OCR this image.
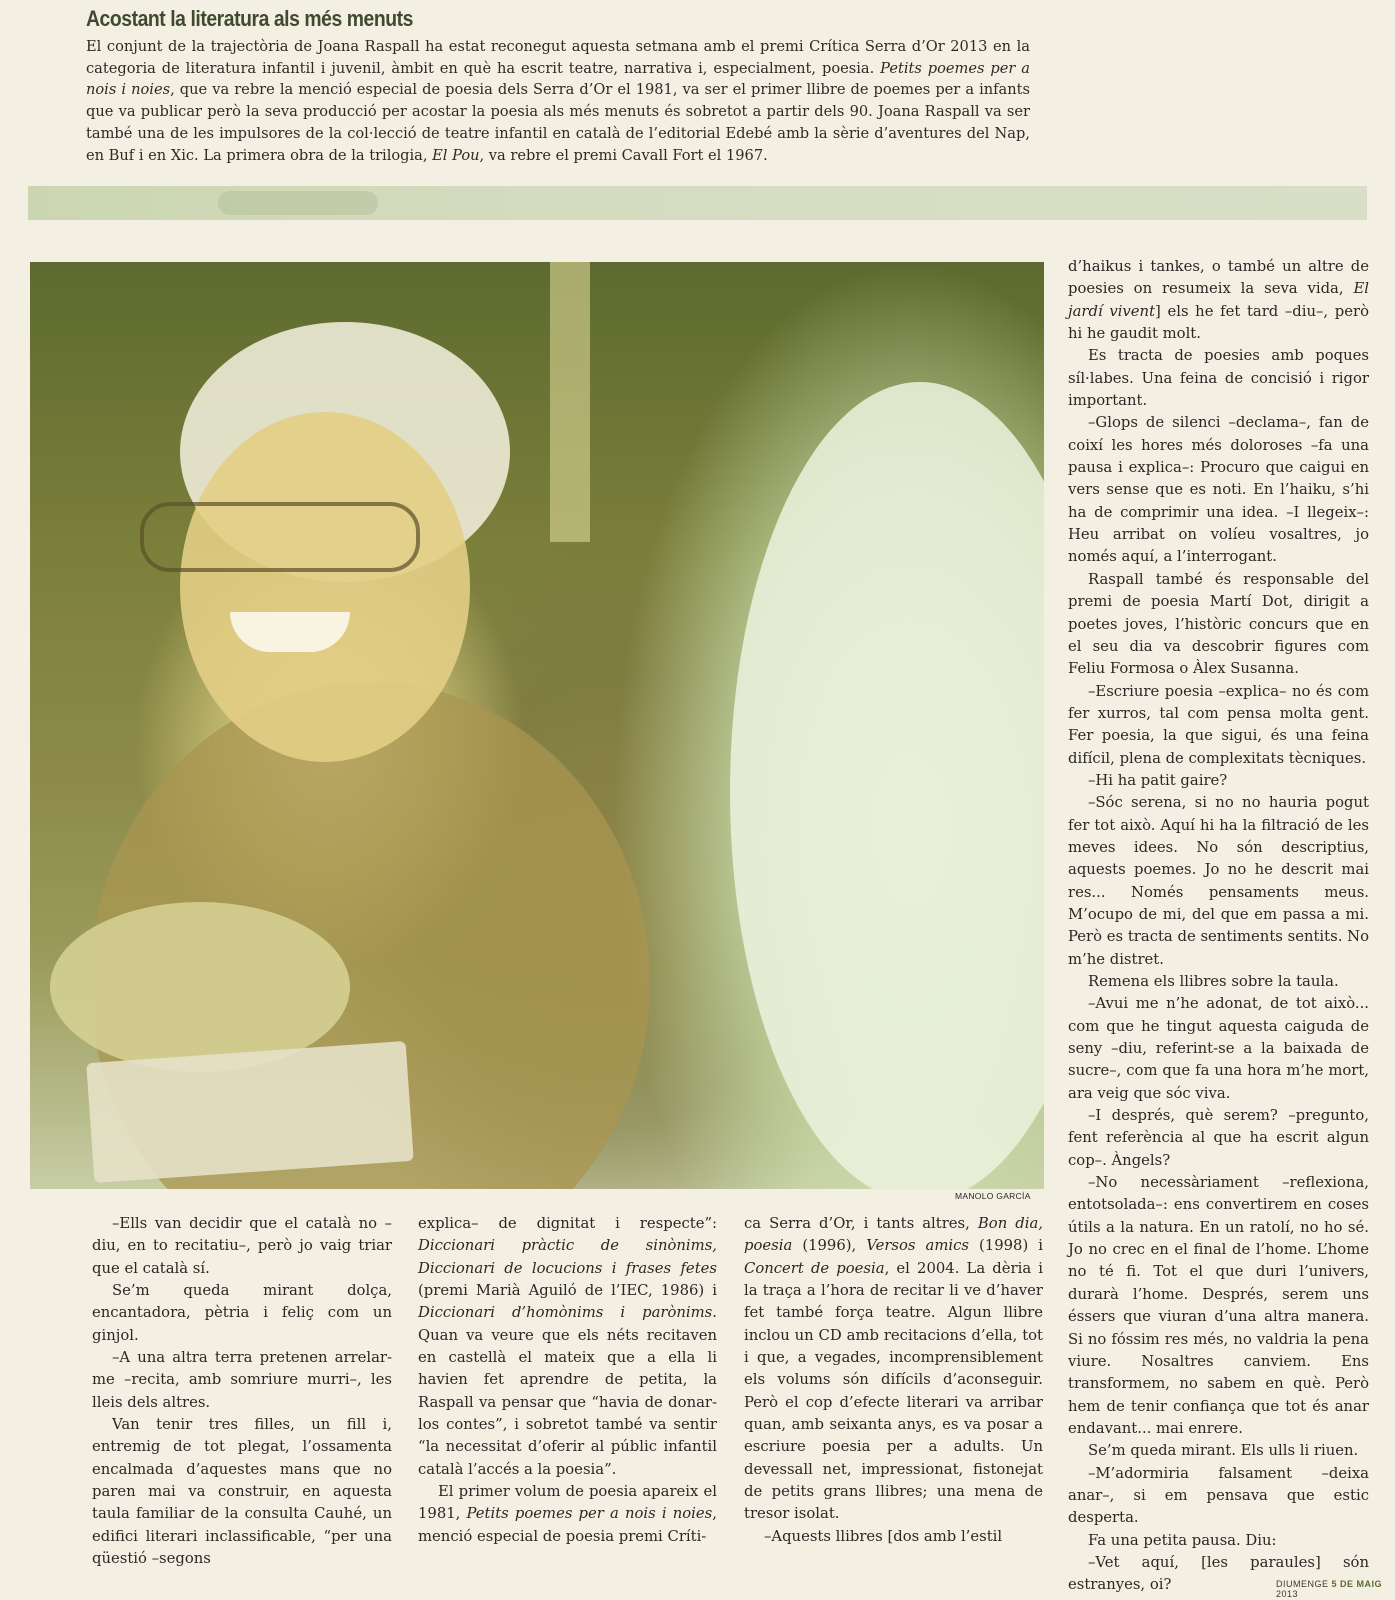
Acostant la literatura als més menuts
El conjunt de la trajectòria de Joana Raspall ha estat reconegut aquesta setmana amb el premi Crítica Serra d’Or 2013 en la categoria de literatura infantil i juvenil, àmbit en què ha escrit teatre, narrativa i, especialment, poesia. Petits poemes per a nois i noies, que va rebre la menció especial de poesia dels Serra d’Or el 1981, va ser el primer llibre de poemes per a infants que va publicar però la seva producció per acostar la poesia als més menuts és sobretot a partir dels 90. Joana Raspall va ser també una de les impulsores de la col·lecció de teatre infantil en català de l’editorial Edebé amb la sèrie d’aventures del Nap, en Buf i en Xic. La primera obra de la trilogia, El Pou, va rebre el premi Cavall Fort el 1967.
MANOLO GARCÍA

–Ells van decidir que el català no –diu, en to recitatiu–, però jo vaig triar que el català sí.

Se’m queda mirant dolça, encantadora, pètria i feliç com un ginjol.

–A una altra terra pretenen arrelar-me –recita, amb somriure murri–, les lleis dels altres.

Van tenir tres filles, un fill i, entremig de tot plegat, l’ossamenta encalmada d’aquestes mans que no paren mai va construir, en aquesta taula familiar de la consulta Cauhé, un edifici literari inclassificable, “per una qüestió –segons

explica– de dignitat i respecte”: Diccionari pràctic de sinònims, Diccionari de locucions i frases fetes (premi Marià Aguiló de l’IEC, 1986) i Diccionari d’homònims i parònims. Quan va veure que els néts recitaven en castellà el mateix que a ella li havien fet aprendre de petita, la Raspall va pensar que “havia de donar-los contes”, i sobretot també va sentir “la necessitat d’oferir al públic infantil català l’accés a la poesia”.

El primer volum de poesia apareix el 1981, Petits poemes per a nois i noies, menció especial de poesia premi Críti-

ca Serra d’Or, i tants altres, Bon dia, poesia (1996), Versos amics (1998) i Concert de poesia, el 2004. La dèria i la traça a l’hora de recitar li ve d’haver fet també força teatre. Algun llibre inclou un CD amb recitacions d’ella, tot i que, a vegades, incomprensiblement els volums són difícils d’aconseguir. Però el cop d’efecte literari va arribar quan, amb seixanta anys, es va posar a escriure poesia per a adults. Un devessall net, impressionat, fistonejat de petits grans llibres; una mena de tresor isolat.

–Aquests llibres [dos amb l’estil

d’haikus i tankes, o també un altre de poesies on resumeix la seva vida, El jardí vivent] els he fet tard –diu–, però hi he gaudit molt.

Es tracta de poesies amb poques síl·labes. Una feina de concisió i rigor important.

–Glops de silenci –declama–, fan de coixí les hores més doloroses –fa una pausa i explica–: Procuro que caigui en vers sense que es noti. En l’haiku, s’hi ha de comprimir una idea. –I llegeix–: Heu arribat on volíeu vosaltres, jo només aquí, a l’interrogant.

Raspall també és responsable del premi de poesia Martí Dot, dirigit a poetes joves, l’històric concurs que en el seu dia va descobrir figures com Feliu Formosa o Àlex Susanna.

–Escriure poesia –explica– no és com fer xurros, tal com pensa molta gent. Fer poesia, la que sigui, és una feina difícil, plena de complexitats tècniques.

–Hi ha patit gaire?

–Sóc serena, si no no hauria pogut fer tot això. Aquí hi ha la filtració de les meves idees. No són descriptius, aquests poemes. Jo no he descrit mai res... Només pensaments meus. M’ocupo de mi, del que em passa a mi. Però es tracta de sentiments sentits. No m’he distret.

Remena els llibres sobre la taula.

–Avui me n’he adonat, de tot això... com que he tingut aquesta caiguda de seny –diu, referint-se a la baixada de sucre–, com que fa una hora m’he mort, ara veig que sóc viva.

–I després, què serem? –pregunto, fent referència al que ha escrit algun cop–. Àngels?

–No necessàriament –reflexiona, entotsolada–: ens convertirem en coses útils a la natura. En un ratolí, no ho sé. Jo no crec en el final de l’home. L’home no té fi. Tot el que duri l’univers, durarà l’home. Després, serem uns éssers que viuran d’una altra manera. Si no fóssim res més, no valdria la pena viure. Nosaltres canviem. Ens transformem, no sabem en què. Però hem de tenir confiança que tot és anar endavant... mai enrere.

Se’m queda mirant. Els ulls li riuen.

–M’adormiria falsament –deixa anar–, si em pensava que estic desperta.

Fa una petita pausa. Diu:

–Vet aquí, [les paraules] són estranyes, oi?	DIUMENGE 5 DE MAIG 2013
